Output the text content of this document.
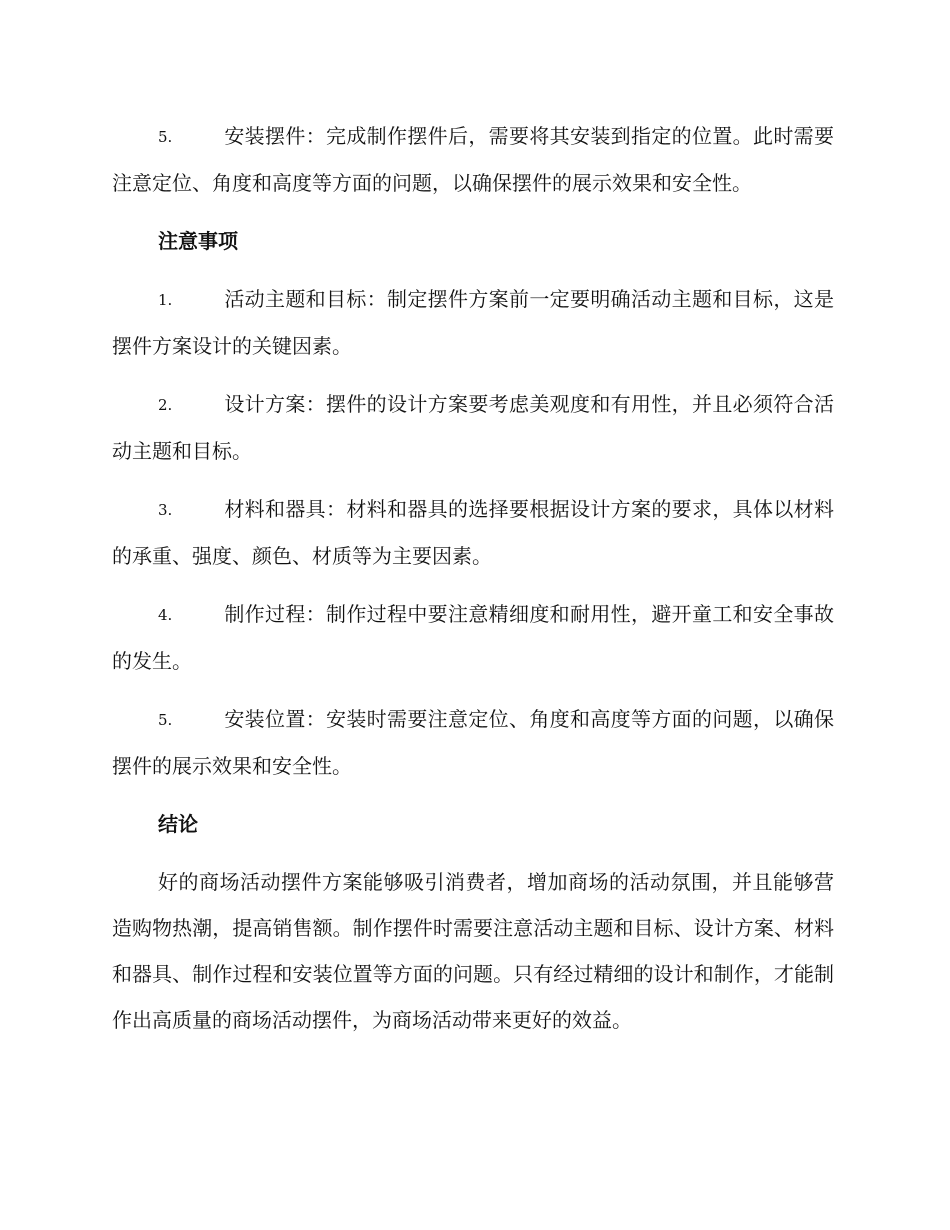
5.	安装摆件：完成制作摆件后，需要将其安装到指定的位置。此时需要注意定位、角度和高度等方面的问题，以确保摆件的展示效果和安全性。

注意事项

1.	活动主题和目标：制定摆件方案前一定要明确活动主题和目标，这是摆件方案设计的关键因素。

2.	设计方案：摆件的设计方案要考虑美观度和有用性，并且必须符合活动主题和目标。

3.	材料和器具：材料和器具的选择要根据设计方案的要求，具体以材料的承重、强度、颜色、材质等为主要因素。

4.	制作过程：制作过程中要注意精细度和耐用性，避开童工和安全事故的发生。

5.	安装位置：安装时需要注意定位、角度和高度等方面的问题，以确保摆件的展示效果和安全性。

结论

好的商场活动摆件方案能够吸引消费者，增加商场的活动氛围，并且能够营造购物热潮，提高销售额。制作摆件时需要注意活动主题和目标、设计方案、材料和器具、制作过程和安装位置等方面的问题。只有经过精细的设计和制作，才能制作出高质量的商场活动摆件，为商场活动带来更好的效益。
